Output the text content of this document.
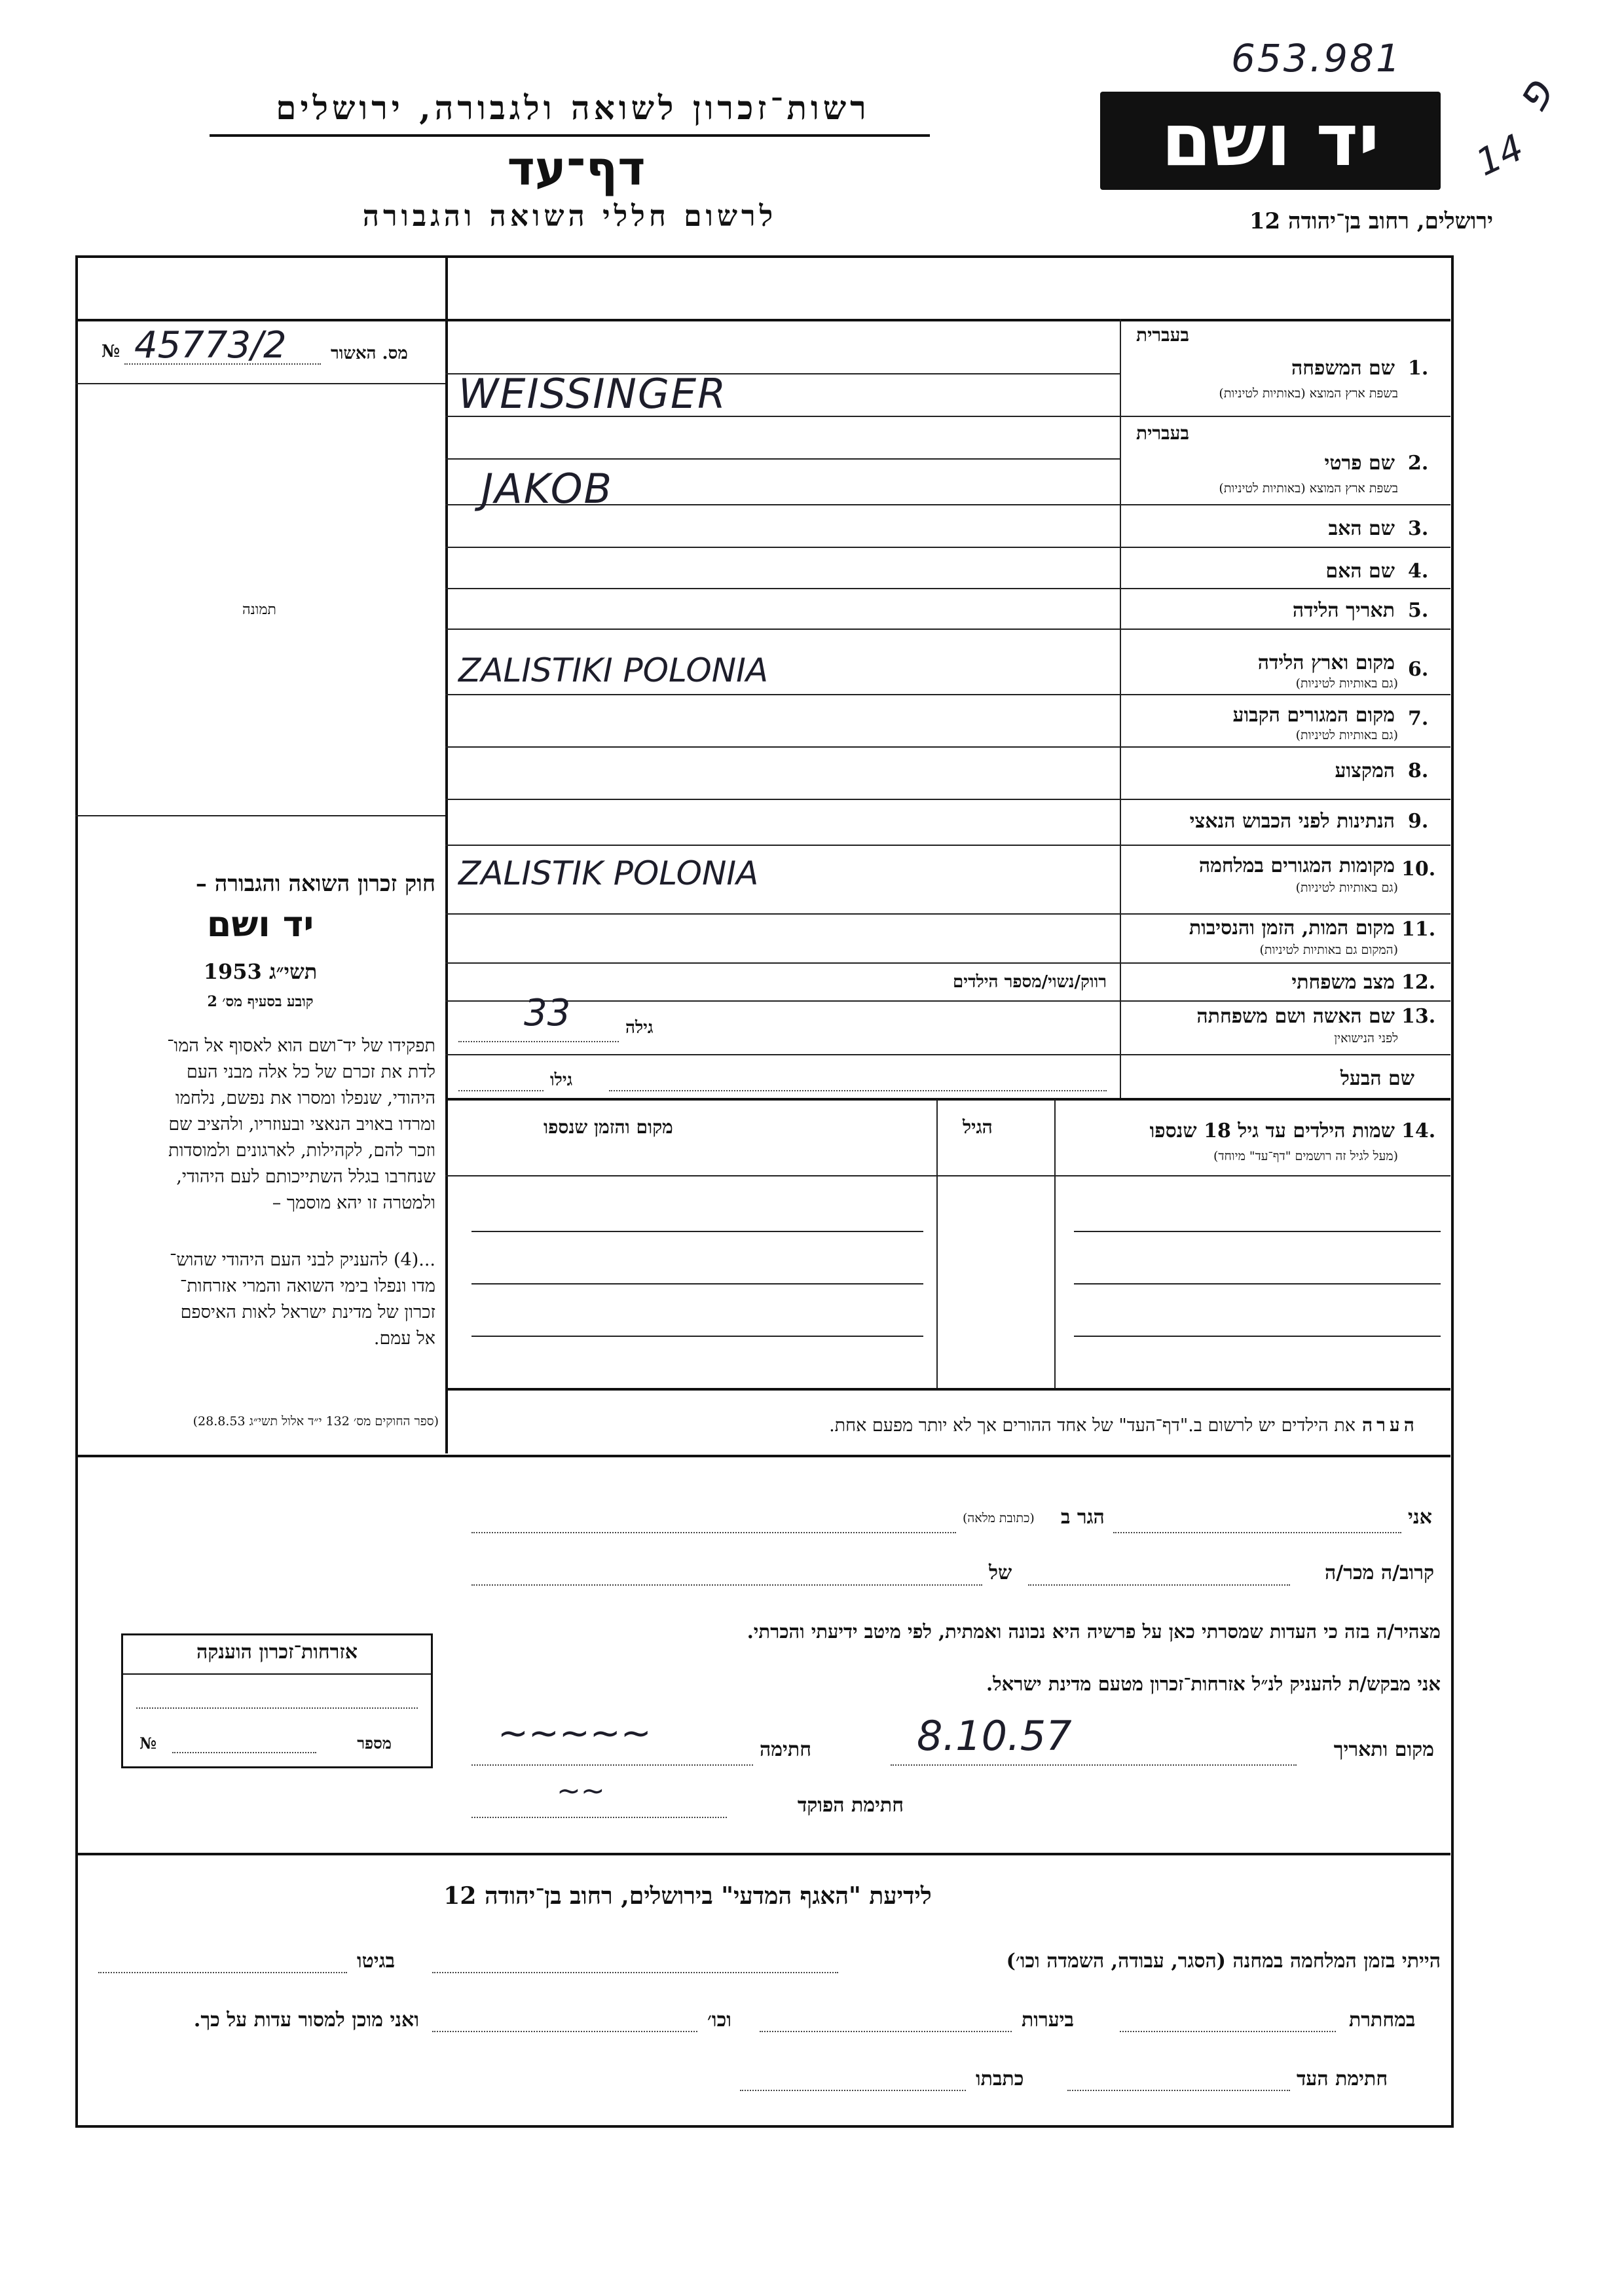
653.981
14
פ
יד ושם
רשות־זכרון לשואה ולגבורה, ירושלים
דף־עד
לרשום חללי השואה והגבורה	ירושלים, רחוב בן־יהודה 12
№ 45773/2	מס. האשור
תמונה
חוק זכרון השואה והגבורה –
יד ושם
תשי״ג 1953
קובע בסעיף מס׳ 2
תפקידו של יד־ושם הוא לאסוף אל המו־
לדת את זכרם של כל אלה מבני העם
היהודי, שנפלו ומסרו את נפשם, נלחמו
ומרדו באויב הנאצי ובעוזריו, ולהציב שם
וזכר להם, לקהילות, לארגונים ולמוסדות
שנחרבו בגלל השתייכותם לעם היהודי,
ולמטרה זו יהא מוסמך –
...(4) להעניק לבני העם היהודי שהוש־
מדו ונפלו בימי השואה והמרי אזרחות־
זכרון של מדינת ישראל לאות האיספם
אל עמם.
(ספר החוקים מס׳ 132 י״ד אלול תשי״ג 28.8.53)
בעברית
שם המשפחה 1.
בשפת ארץ המוצא (באותיות לטיניות)
WEISSINGER
בעברית
שם פרטי 2.
בשפת ארץ המוצא (באותיות לטיניות)
JAKOB
שם האב 3.
שם האם 4.
תאריך הלידה 5.
מקום וארץ הלידה 6.
(גם באותיות לטיניות)
ZALISTIKI POLONIA
מקום המגורים הקבוע 7.
(גם באותיות לטיניות)
המקצוע 8.
הנתינות לפני הכבוש הנאצי 9.
מקומות המגורים במלחמה 10.
(גם באותיות לטיניות)
ZALISTIK POLONIA
מקום המות, הזמן והנסיבות 11.
(המקום גם באותיות לטיניות)
מצב משפחתי 12.
רווק/נשוי/מספר הילדים
שם האשה ושם משפחתה 13.
לפני הנישואין
גילה
33
שם הבעל
גילו
שמות הילדים עד גיל 18 שנספו 14.
(מעל לגיל זה רושמים "דף־עד" מיוחד)
הגיל
מקום והזמן שנספו
הערה
את הילדים יש לרשום ב."דף־העד" של אחד ההורים אך לא יותר מפעם אחת.
אני
הגר ב
(כתובת מלאה)
קרוב/ה מכר/ה
של
מצהיר/ה בזה כי העדות שמסרתי כאן על פרשיה היא נכונה ואמתית, לפי מיטב ידיעתי והכרתי.
אני מבקש/ת להעניק לנ״ל אזרחות־זכרון מטעם מדינת ישראל.
מקום ותאריך
8.10.57
חתימה
~~~~~
חתימת הפוקד
~~
אזרחות־זכרון הוענקה
מספר
№
לידיעת "האגף המדעי" בירושלים, רחוב בן־יהודה 12
הייתי בזמן המלחמה במחנה (הסגר, עבודה, השמדה וכו׳)
בגיטו
במחתרת
ביערות
וכו׳
ואני מוכן למסור עדות על כך.
חתימת העד
כתבתו
